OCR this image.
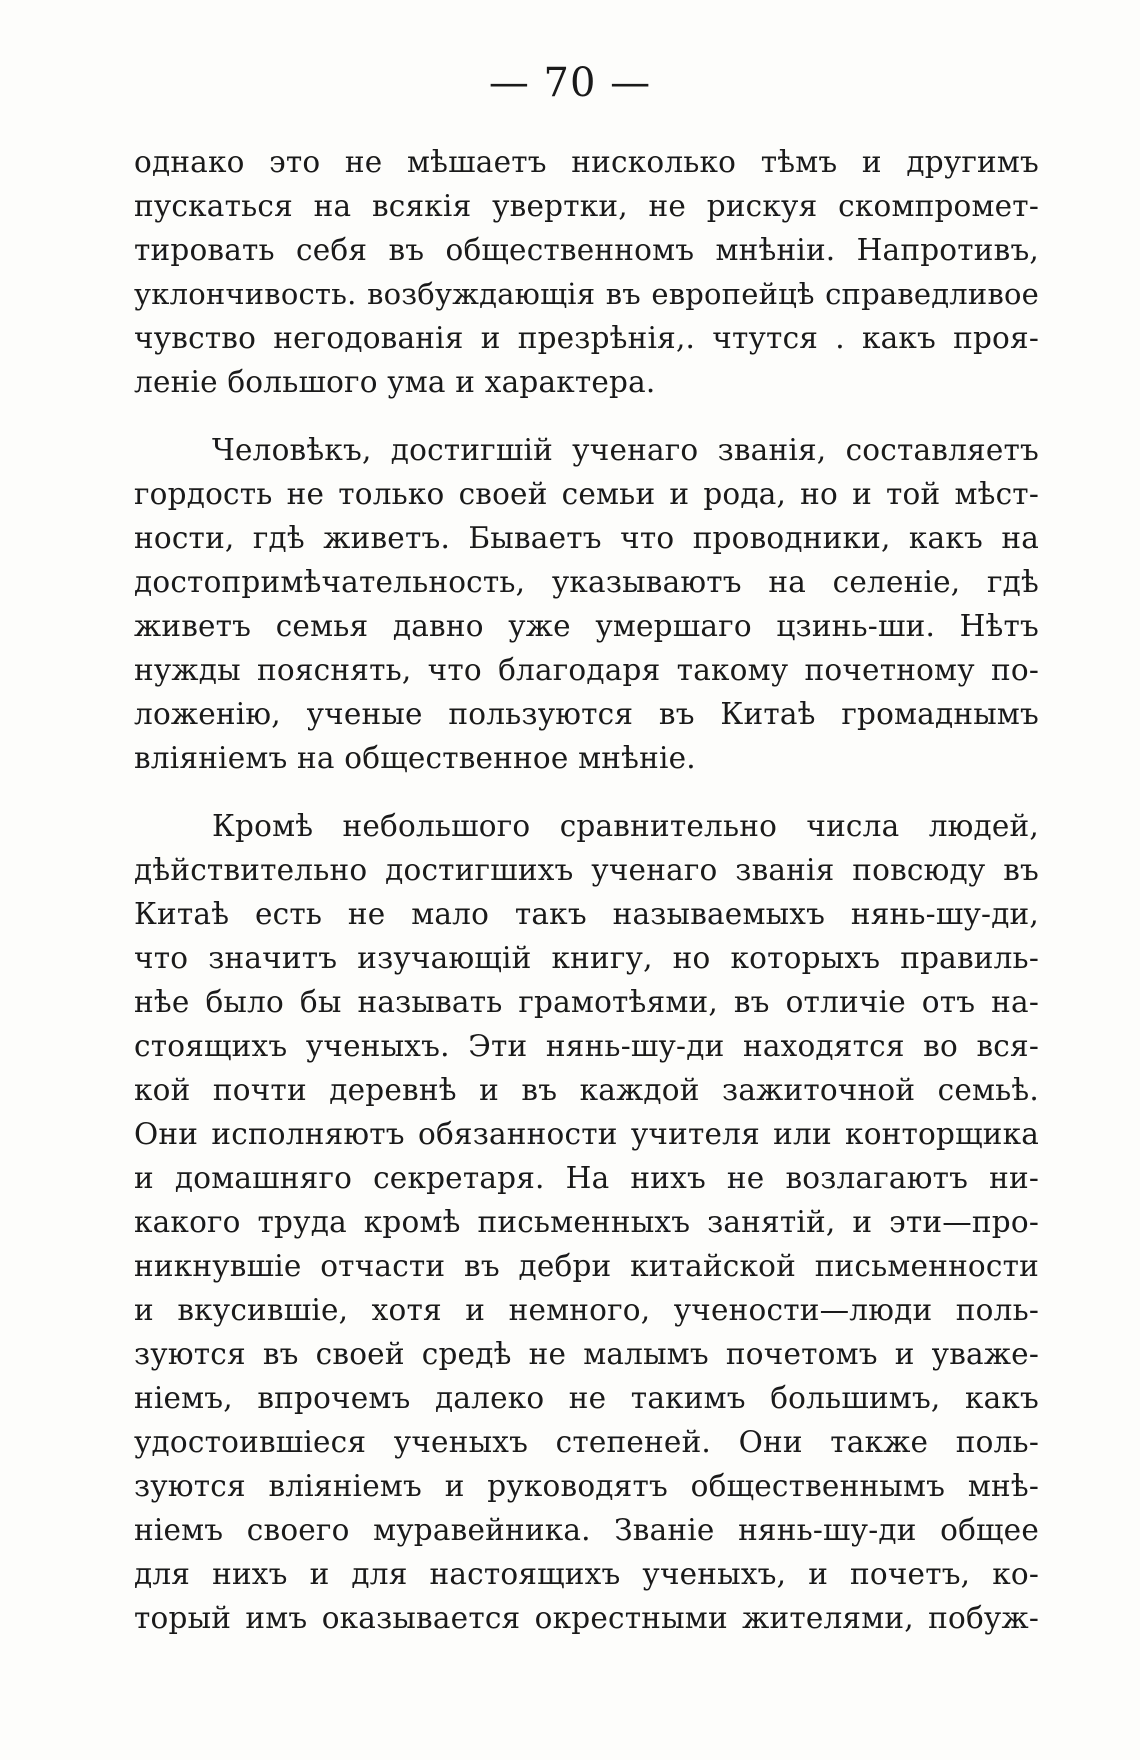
— 70 —
однако это не мѣшаетъ нисколько тѣмъ и другимъ
пускаться на всякія увертки, не рискуя скомпромет-
тировать себя въ общественномъ мнѣніи. Напротивъ,
уклончивость. возбуждающія въ европейцѣ справедливое
чувство негодованія и презрѣнія,. чтутся . какъ проя-
леніе большого ума и характера.
Человѣкъ, достигшій ученаго званія, составляетъ
гордость не только своей семьи и рода, но и той мѣст-
ности, гдѣ живетъ. Бываетъ что проводники, какъ на
достопримѣчательность, указываютъ на селеніе, гдѣ
живетъ семья давно уже умершаго цзинь-ши. Нѣтъ
нужды пояснять, что благодаря такому почетному по-
ложенію, ученые пользуются въ Китаѣ громаднымъ
вліяніемъ на общественное мнѣніе.
Кромѣ небольшого сравнительно числа людей,
дѣйствительно достигшихъ ученаго званія повсюду въ
Китаѣ есть не мало такъ называемыхъ нянь-шу-ди,
что значитъ изучающій книгу, но которыхъ правиль-
нѣе было бы называть грамотѣями, въ отличіе отъ на-
стоящихъ ученыхъ. Эти нянь-шу-ди находятся во вся-
кой почти деревнѣ и въ каждой зажиточной семьѣ.
Они исполняютъ обязанности учителя или конторщика
и домашняго секретаря. На нихъ не возлагаютъ ни-
какого труда кромѣ письменныхъ занятій, и эти—про-
никнувшіе отчасти въ дебри китайской письменности
и вкусившіе, хотя и немного, учености—люди поль-
зуются въ своей средѣ не малымъ почетомъ и уваже-
ніемъ, впрочемъ далеко не такимъ большимъ, какъ
удостоившіеся ученыхъ степеней. Они также поль-
зуются вліяніемъ и руководятъ общественнымъ мнѣ-
ніемъ своего муравейника. Званіе нянь-шу-ди общее
для нихъ и для настоящихъ ученыхъ, и почетъ, ко-
торый имъ оказывается окрестными жителями, побуж-
